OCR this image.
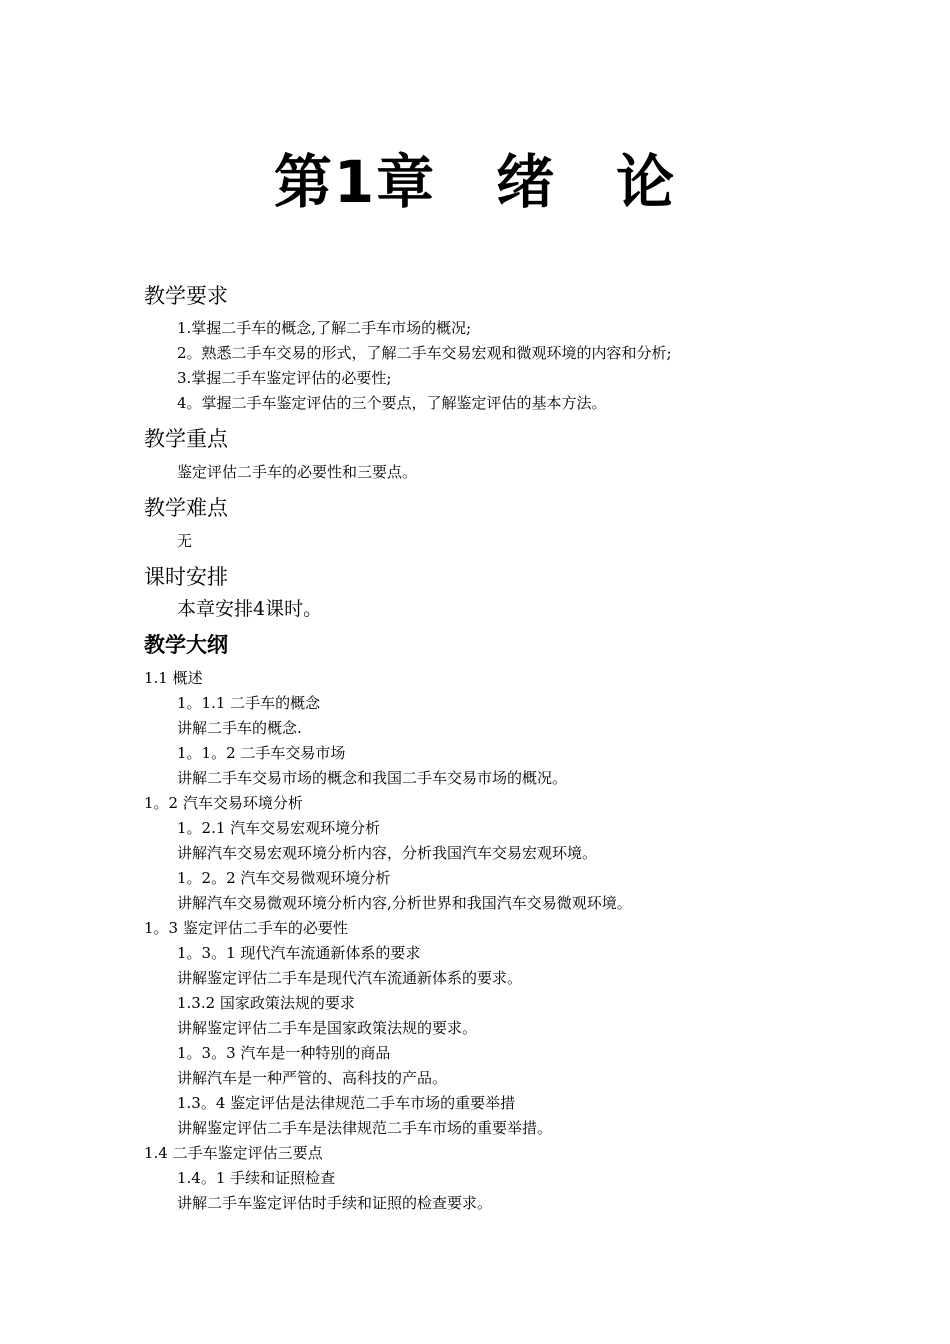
第1章　绪　论
教学要求
1.掌握二手车的概念,了解二手车市场的概况;
2。熟悉二手车交易的形式，了解二手车交易宏观和微观环境的内容和分析;
3.掌握二手车鉴定评估的必要性;
4。掌握二手车鉴定评估的三个要点，了解鉴定评估的基本方法。
教学重点
鉴定评估二手车的必要性和三要点。
教学难点
无
课时安排
本章安排4课时。
教学大纲
1.1 概述
1。1.1 二手车的概念
讲解二手车的概念.
1。1。2 二手车交易市场
讲解二手车交易市场的概念和我国二手车交易市场的概况。
1。2 汽车交易环境分析
1。2.1 汽车交易宏观环境分析
讲解汽车交易宏观环境分析内容，分析我国汽车交易宏观环境。
1。2。2 汽车交易微观环境分析
讲解汽车交易微观环境分析内容,分析世界和我国汽车交易微观环境。
1。3 鉴定评估二手车的必要性
1。3。1 现代汽车流通新体系的要求
讲解鉴定评估二手车是现代汽车流通新体系的要求。
1.3.2 国家政策法规的要求
讲解鉴定评估二手车是国家政策法规的要求。
1。3。3 汽车是一种特别的商品
讲解汽车是一种严管的、高科技的产品。
1.3。4 鉴定评估是法律规范二手车市场的重要举措
讲解鉴定评估二手车是法律规范二手车市场的重要举措。
1.4 二手车鉴定评估三要点
1.4。1 手续和证照检查
讲解二手车鉴定评估时手续和证照的检查要求。
